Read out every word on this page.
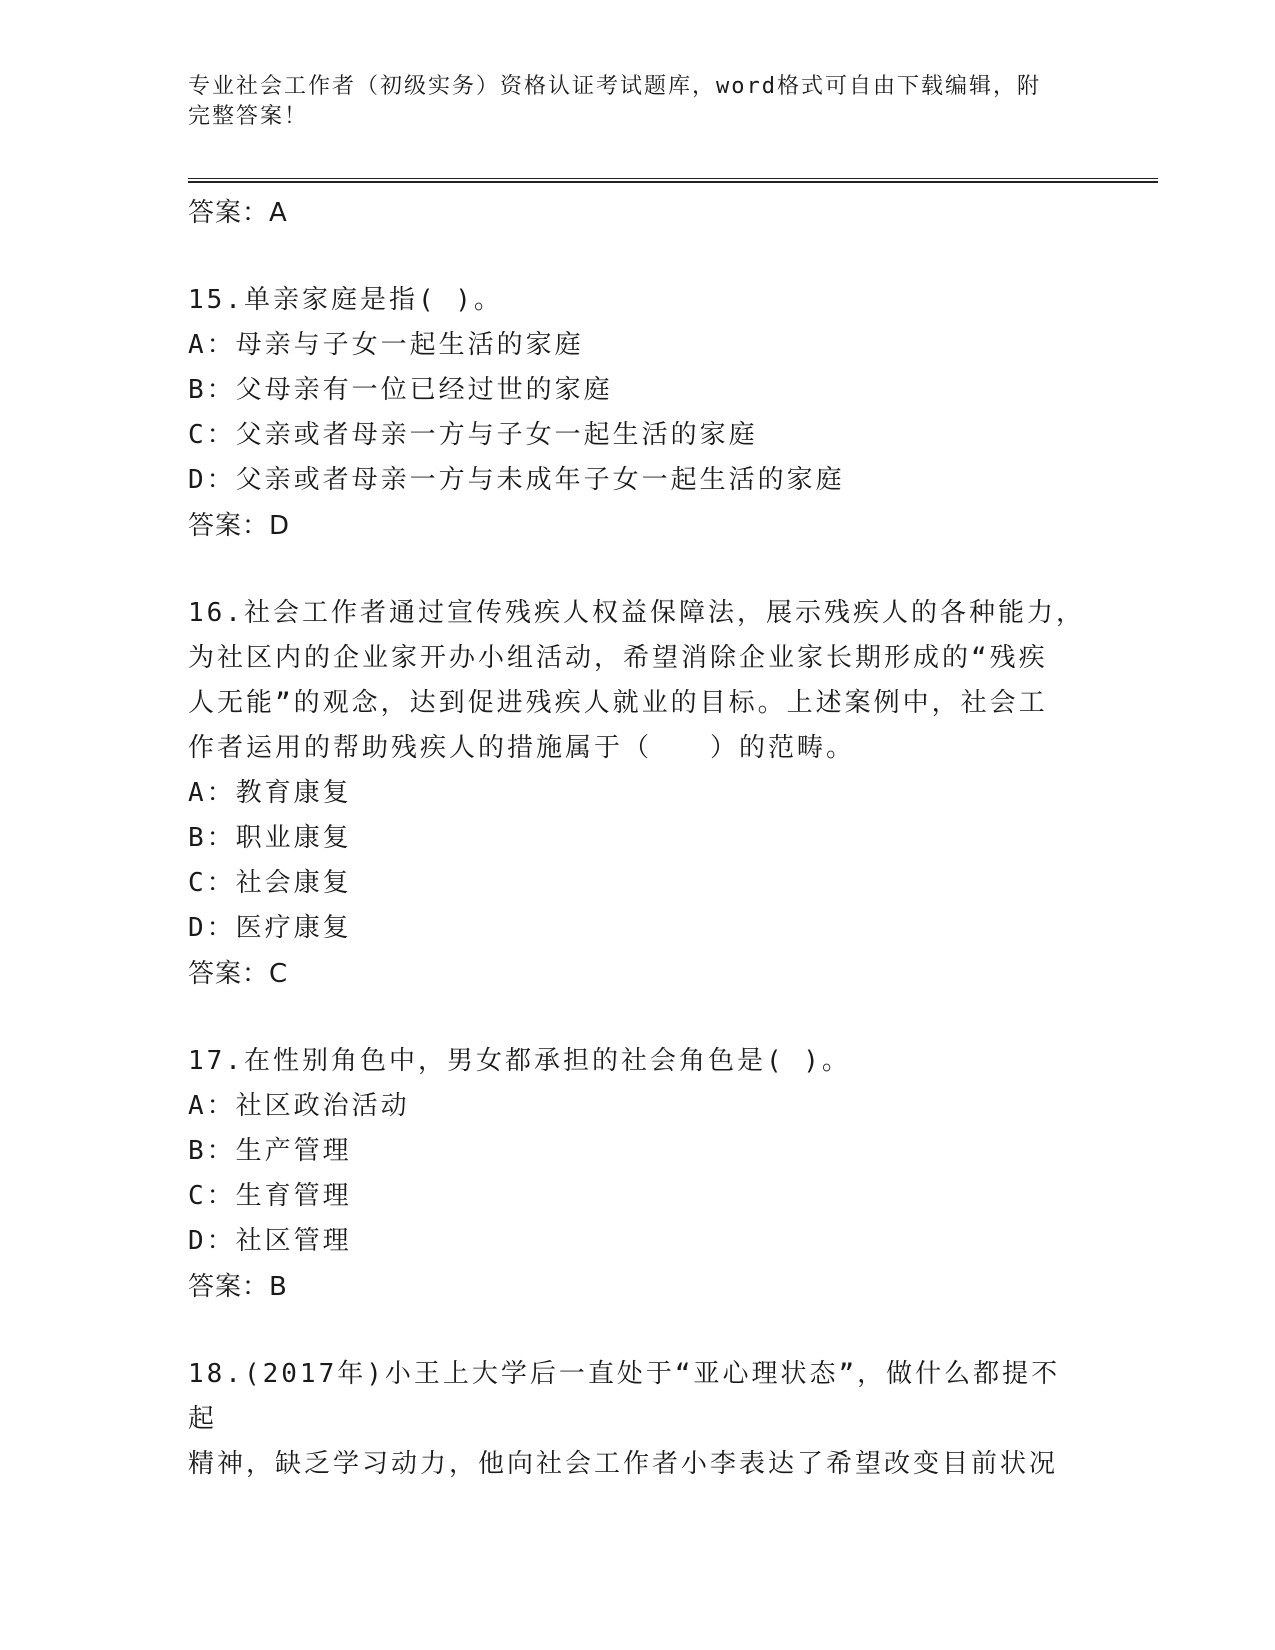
专业社会工作者（初级实务）资格认证考试题库，word格式可自由下载编辑，附
完整答案！

答案：A

15.单亲家庭是指( )。

A：母亲与子女一起生活的家庭

B：父母亲有一位已经过世的家庭

C：父亲或者母亲一方与子女一起生活的家庭

D：父亲或者母亲一方与未成年子女一起生活的家庭

答案：D

16.社会工作者通过宣传残疾人权益保障法，展示残疾人的各种能力，

为社区内的企业家开办小组活动，希望消除企业家长期形成的“残疾

人无能”的观念，达到促进残疾人就业的目标。上述案例中，社会工

作者运用的帮助残疾人的措施属于（　　）的范畴。

A：教育康复

B：职业康复

C：社会康复

D：医疗康复

答案：C

17.在性别角色中，男女都承担的社会角色是( )。

A：社区政治活动

B：生产管理

C：生育管理

D：社区管理

答案：B

18.(2017年)小王上大学后一直处于“亚心理状态”，做什么都提不起

精神，缺乏学习动力，他向社会工作者小李表达了希望改变目前状况
